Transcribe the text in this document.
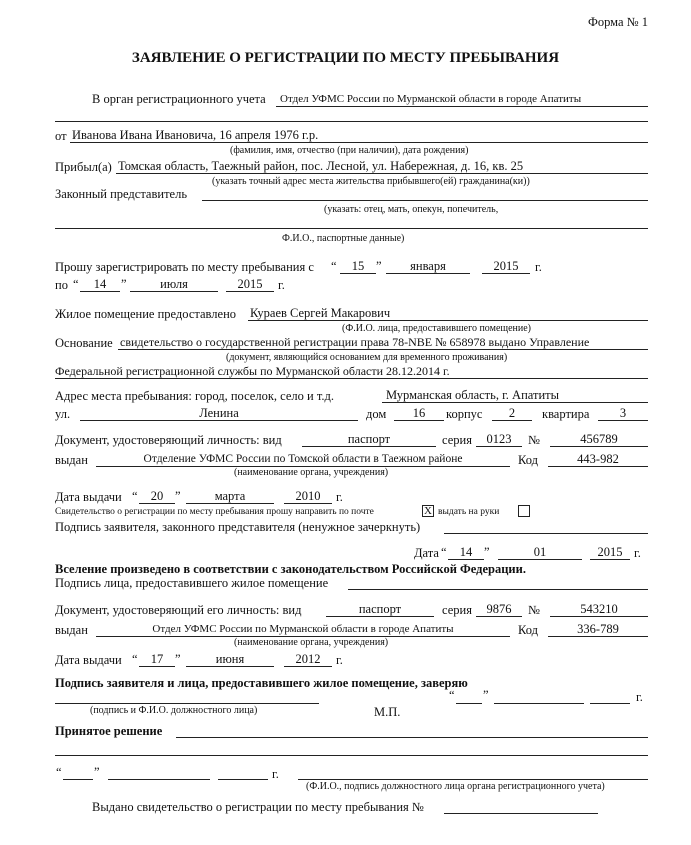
Форма № 1
ЗАЯВЛЕНИЕ О РЕГИСТРАЦИИ ПО МЕСТУ ПРЕБЫВАНИЯ
В орган регистрационного учета	Отдел УФМС России по Мурманской области в городе Апатиты
от Иванова Ивана Ивановича, 16 апреля 1976 г.р.
(фамилия, имя, отчество (при наличии), дата рождения)
Прибыл(а) Томская область, Таежный район, пос. Лесной, ул. Набережная, д. 16, кв. 25
(указать точный адрес места жительства прибывшего(ей) гражданина(ки))
Законный представитель
(указать: отец, мать, опекун, попечитель,
Ф.И.О., паспортные данные)
Прошу зарегистрировать по месту пребывания с “	15 ”	января	2015	г.
по “	14	”	июля	2015	г.
Жилое помещение предоставлено Кураев Сергей Макарович
(Ф.И.О. лица, предоставившего помещение)
Основание свидетельство о государственной регистрации права 78-NBE № 658978 выдано Управление
(документ, являющийся основанием для временного проживания)
Федеральной регистрационной службы по Мурманской области 28.12.2014 г.
Адрес места пребывания: город, поселок, село и т.д.	Мурманская область, г. Апатиты
ул.	Ленина	дом	16	корпус	2	квартира	3
Документ, удостоверяющий личность: вид	паспорт	серия	0123	№	456789
выдан	Отделение УФМС России по Томской области в Таежном районе	Код	443-982
(наименование органа, учреждения)
Дата выдачи “	20 ”	марта	2010	г.
Свидетельство о регистрации по месту пребывания прошу направить по почте	X выдать на руки
Подпись заявителя, законного представителя (ненужное зачеркнуть)
Дата “	14 ”	01	2015 г.
Вселение произведено в соответствии с законодательством Российской Федерации.
Подпись лица, предоставившего жилое помещение
Документ, удостоверяющий его личность: вид	паспорт	серия	9876	№	543210
выдан	Отдел УФМС России по Мурманской области в городе Апатиты	Код	336-789
(наименование органа, учреждения)
Дата выдачи “	17 ”	июня	2012	г.
Подпись заявителя и лица, предоставившего жилое помещение, заверяю
“ ”	г.
(подпись и Ф.И.О. должностного лица)	М.П.
Принятое решение
“	”	г.
(Ф.И.О., подпись должностного лица органа регистрационного учета)
Выдано свидетельство о регистрации по месту пребывания №
